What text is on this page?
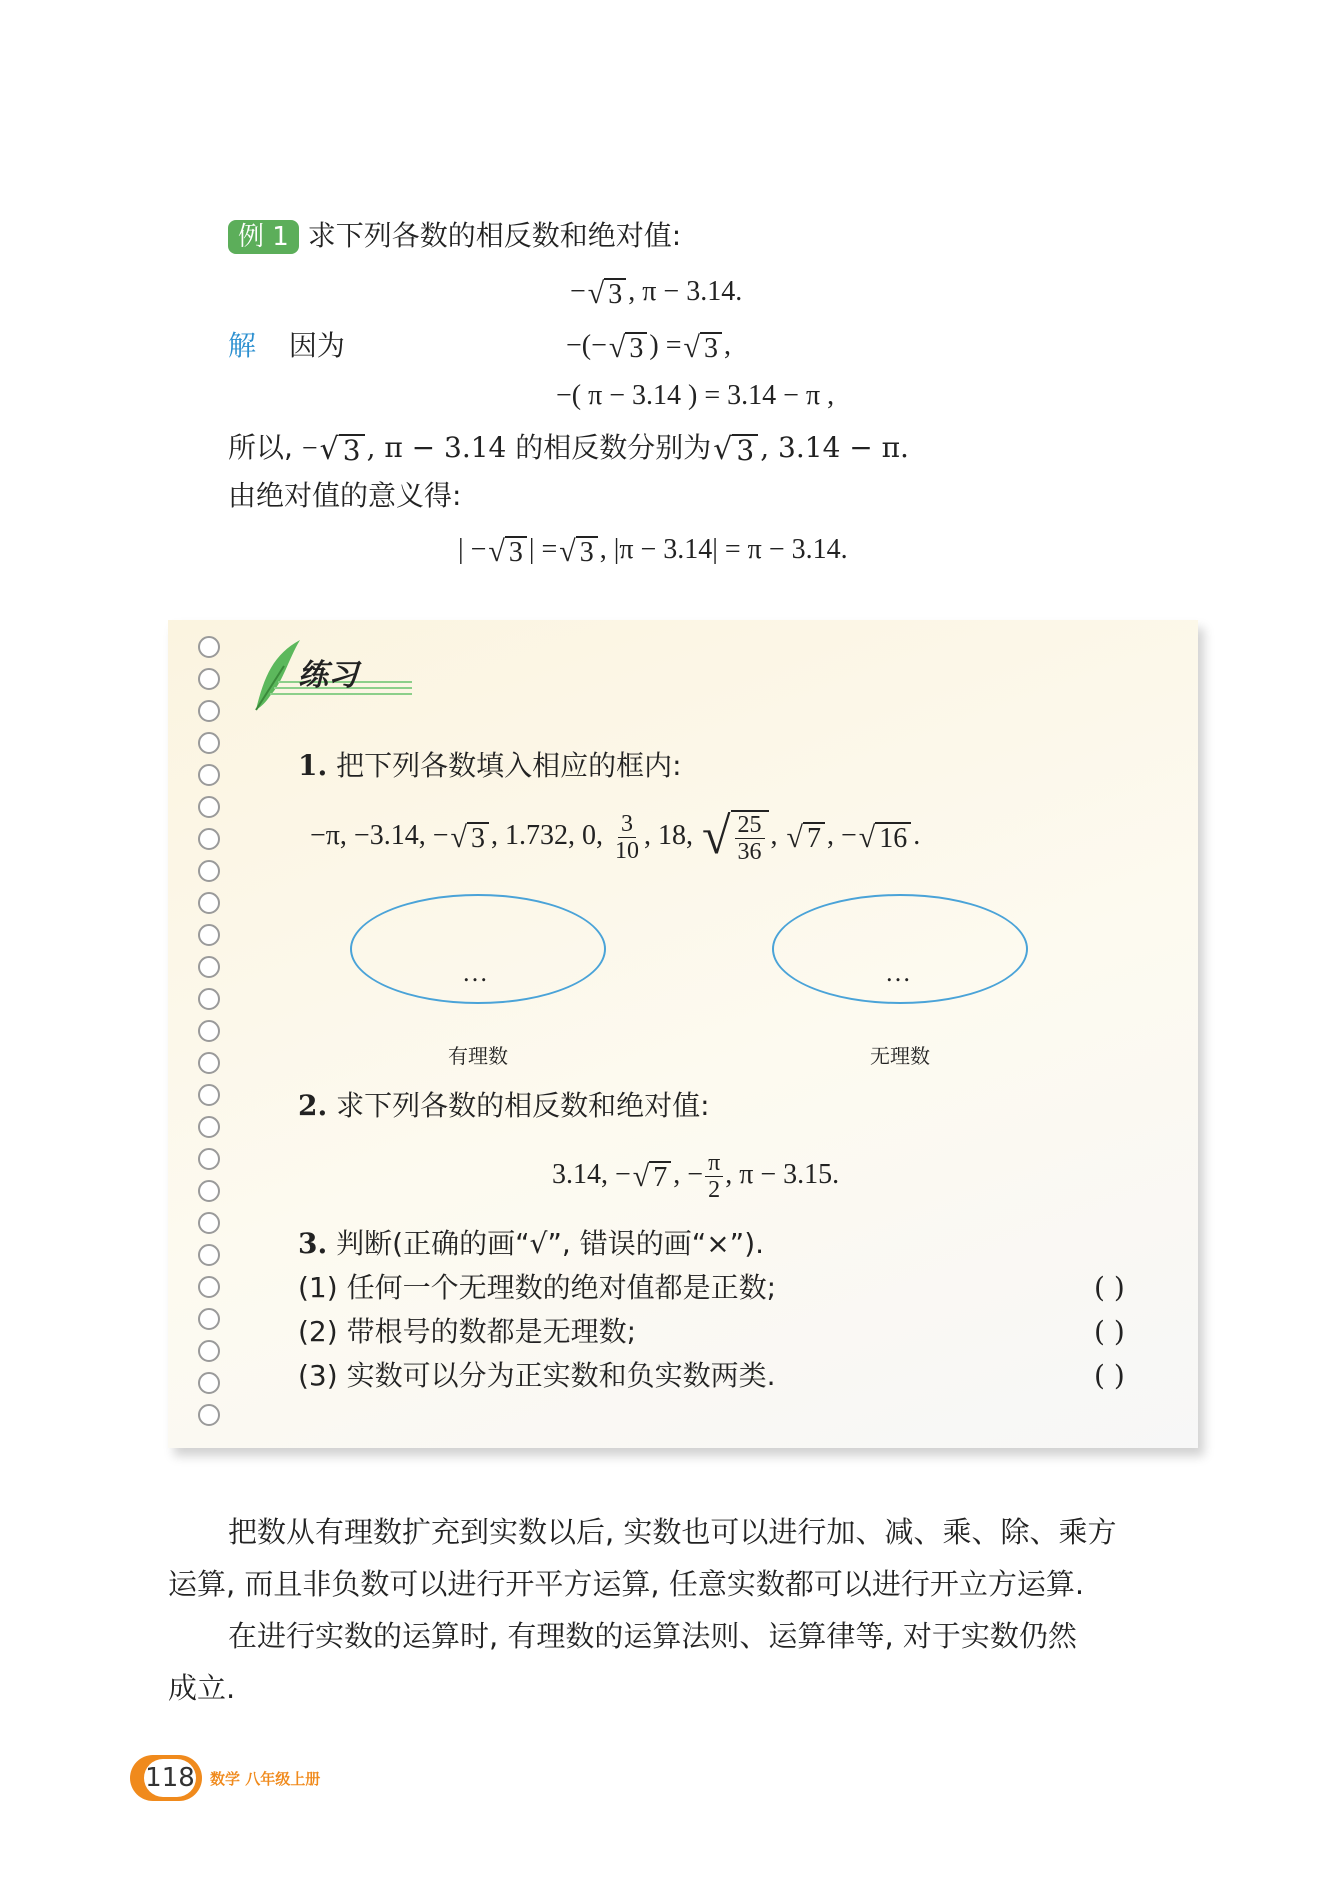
例 1 求下列各数的相反数和绝对值:
− √ 3 , π − 3.14.
解 因为	−(− √ 3 ) = √ 3 ,
−( π − 3.14 ) = 3.14 − π ,
所以, − √ 3 , π − 3.14 的相反数分别为 √ 3 , 3.14 − π.
由绝对值的意义得:
| − √ 3 | = √ 3 , |π − 3.14| = π − 3.14.
练习
1. 把下列各数填入相应的框内:
−π, −3.14, − √ 3 , 1.732, 0, $\frac{3}{10}$ , 18, √ $\frac{25}{36}$ , √ 7 , − √ 16 .
…	…
有理数	无理数
2. 求下列各数的相反数和绝对值:
3.14, − √ 7 , − $\frac{\pi}{2}$ , π − 3.15.
3. 判断(正确的画“√”, 错误的画“×”).
(1) 任何一个无理数的绝对值都是正数;	( )
(2) 带根号的数都是无理数;	( )
(3) 实数可以分为正实数和负实数两类.	( )
把数从有理数扩充到实数以后, 实数也可以进行加、减、乘、除、乘方
运算, 而且非负数可以进行开平方运算, 任意实数都可以进行开立方运算.
在进行实数的运算时, 有理数的运算法则、运算律等, 对于实数仍然
成立.
118 数学 八年级上册
